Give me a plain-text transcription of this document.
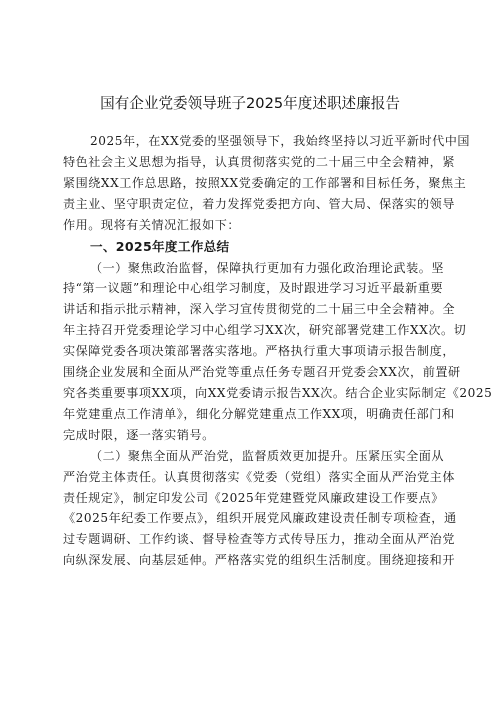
国有企业党委领导班子2025年度述职述廉报告

2025年，在XX党委的坚强领导下，我始终坚持以习近平新时代中国
特色社会主义思想为指导，认真贯彻落实党的二十届三中全会精神，紧
紧围绕XX工作总思路，按照XX党委确定的工作部署和目标任务，聚焦主
责主业、坚守职责定位，着力发挥党委把方向、管大局、保落实的领导
作用。现将有关情况汇报如下：

一、2025年度工作总结

（一）聚焦政治监督，保障执行更加有力强化政治理论武装。坚
持“第一议题”和理论中心组学习制度，及时跟进学习习近平最新重要
讲话和指示批示精神，深入学习宣传贯彻党的二十届三中全会精神。全
年主持召开党委理论学习中心组学习XX次，研究部署党建工作XX次。切
实保障党委各项决策部署落实落地。严格执行重大事项请示报告制度，
围绕企业发展和全面从严治党等重点任务专题召开党委会XX次，前置研
究各类重要事项XX项，向XX党委请示报告XX次。结合企业实际制定《2025
年党建重点工作清单》，细化分解党建重点工作XX项，明确责任部门和
完成时限，逐一落实销号。

（二）聚焦全面从严治党，监督质效更加提升。压紧压实全面从
严治党主体责任。认真贯彻落实《党委（党组）落实全面从严治党主体
责任规定》，制定印发公司《2025年党建暨党风廉政建设工作要点》
《2025年纪委工作要点》，组织开展党风廉政建设责任制专项检查，通
过专题调研、工作约谈、督导检查等方式传导压力，推动全面从严治党
向纵深发展、向基层延伸。严格落实党的组织生活制度。围绕迎接和开
